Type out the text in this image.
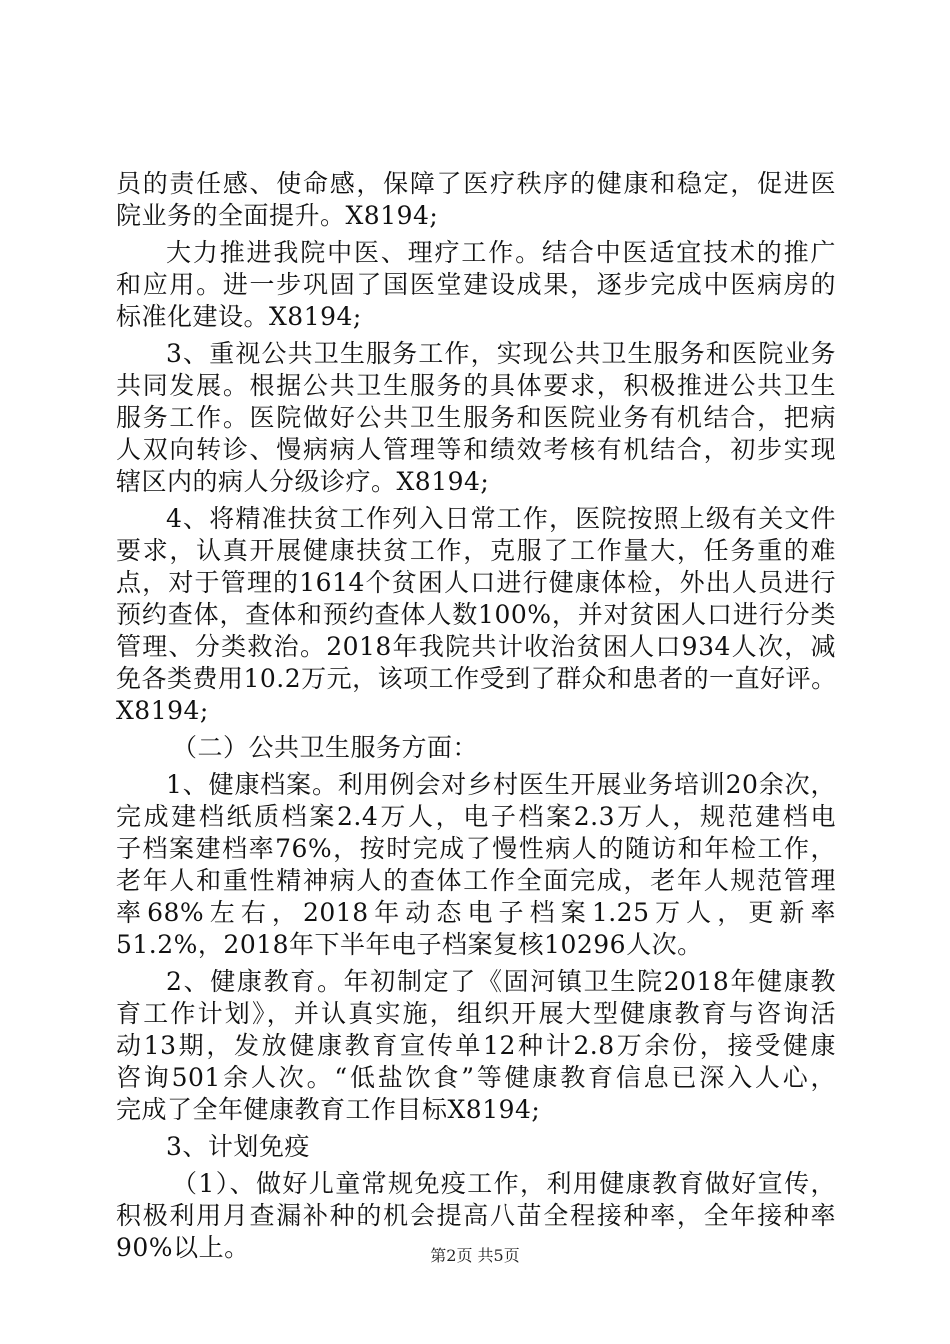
员的责任感、使命感，保障了医疗秩序的健康和稳定，促进医
院业务的全面提升。X8194;
大力推进我院中医、理疗工作。结合中医适宜技术的推广
和应用。进一步巩固了国医堂建设成果，逐步完成中医病房的
标准化建设。X8194;
3、重视公共卫生服务工作，实现公共卫生服务和医院业务
共同发展。根据公共卫生服务的具体要求，积极推进公共卫生
服务工作。医院做好公共卫生服务和医院业务有机结合，把病
人双向转诊、慢病病人管理等和绩效考核有机结合，初步实现
辖区内的病人分级诊疗。X8194;
4、将精准扶贫工作列入日常工作，医院按照上级有关文件
要求，认真开展健康扶贫工作，克服了工作量大，任务重的难
点，对于管理的1614个贫困人口进行健康体检，外出人员进行
预约查体，查体和预约查体人数100%，并对贫困人口进行分类
管理、分类救治。2018年我院共计收治贫困人口934人次，减
免各类费用10.2万元，该项工作受到了群众和患者的一直好评。
X8194;
（二）公共卫生服务方面：
1、健康档案。利用例会对乡村医生开展业务培训20余次，
完成建档纸质档案2.4万人，电子档案2.3万人，规范建档电
子档案建档率76%，按时完成了慢性病人的随访和年检工作，
老年人和重性精神病人的查体工作全面完成，老年人规范管理
率68%左右，2018年动态电子档案1.25万人，更新率
51.2%，2018年下半年电子档案复核10296人次。
2、健康教育。年初制定了《固河镇卫生院2018年健康教
育工作计划》，并认真实施，组织开展大型健康教育与咨询活
动13期，发放健康教育宣传单12种计2.8万余份，接受健康
咨询501余人次。“低盐饮食”等健康教育信息已深入人心，
完成了全年健康教育工作目标X8194;
3、计划免疫
（1）、做好儿童常规免疫工作，利用健康教育做好宣传，
积极利用月查漏补种的机会提高八苗全程接种率，全年接种率
90%以上。	第2页 共5页
